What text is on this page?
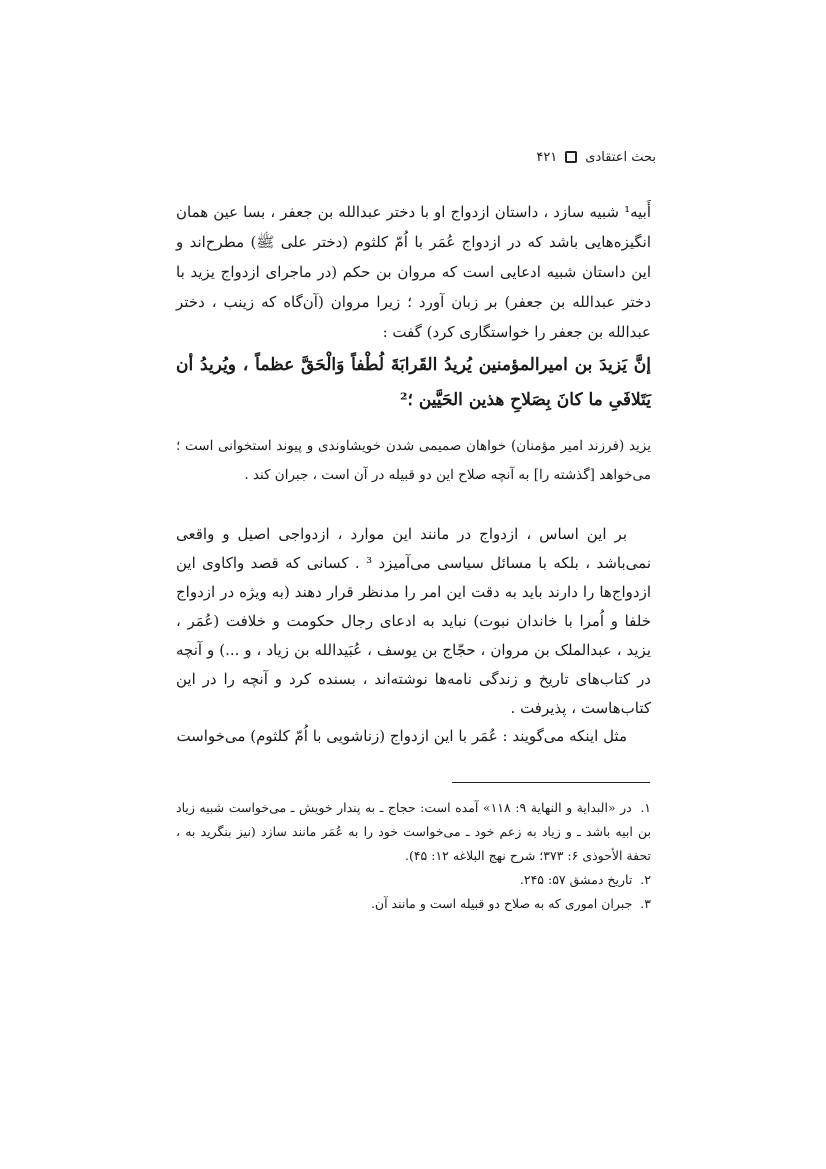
بحث اعتقادی۴۲۱

أَبیه¹ شبیه سازد ، داستان ازدواج او با دختر عبدالله بن جعفر ، بسا عین همان انگیزه‌هایی باشد که در ازدواج عُمَر با اُمّ کلثوم (دختر علی ﷺ) مطرح‌اند و این داستان شبیه ادعایی است که مروان بن حکم (در ماجرای ازدواج یزید با دختر عبدالله بن جعفر) بر زبان آورد ؛ زیرا مروان (آن‌گاه که زینب ، دختر عبدالله بن جعفر را خواستگاری کرد) گفت :

إنَّ یَزیدَ بن امیرالمؤمنین یُریدُ القَرابَةَ لُطْفاً وَالْحَقَّ عظماً ، ویُریدُ أن یَتَلافَیِ ما کانَ بِصَلاحِ هذین الحَیَّین ؛²

یزید (فرزند امیر مؤمنان) خواهان صمیمی شدن خویشاوندی و پیوند استخوانی است ؛ می‌خواهد [گذشته را] به آنچه صلاح این دو قبیله در آن است ، جبران کند .

بر این اساس ، ازدواج در مانند این موارد ، ازدواجی اصیل و واقعی نمی‌باشد ، بلکه با مسائل سیاسی می‌آمیزد ³ . کسانی که قصد واکاوی این ازدواج‌ها را دارند باید به دقت این امر را مدنظر قرار دهند (به ویژه در ازدواج خلفا و اُمرا با خاندان نبوت) نباید به ادعای رجال حکومت و خلافت (عُمَر ، یزید ، عبدالملک بن مروان ، حجّاج بن یوسف ، عُبَیدالله بن زیاد ، و ...) و آنچه در کتاب‌های تاریخ و زندگی نامه‌ها نوشته‌اند ، بسنده کرد و آنچه را در این کتاب‌هاست ، پذیرفت .

مثل اینکه می‌گویند : عُمَر با این ازدواج (زناشویی با اُمّ کلثوم) می‌خواست

۱. در «البدایة و النهایة ۹: ۱۱۸» آمده است: حجاج ـ به پندار خویش ـ می‌خواست شبیه زیاد بن ابیه باشد ـ و زیاد به زعم خود ـ می‌خواست خود را به عُمَر مانند سازد (نیز بنگرید به ، تحفة الأحوذی ۶: ۳۷۳؛ شرح نهج البلاغه ۱۲: ۴۵).
۲. تاریخ دمشق ۵۷: ۲۴۵.
۳. جبران اموری که به صلاح دو قبیله است و مانند آن.
